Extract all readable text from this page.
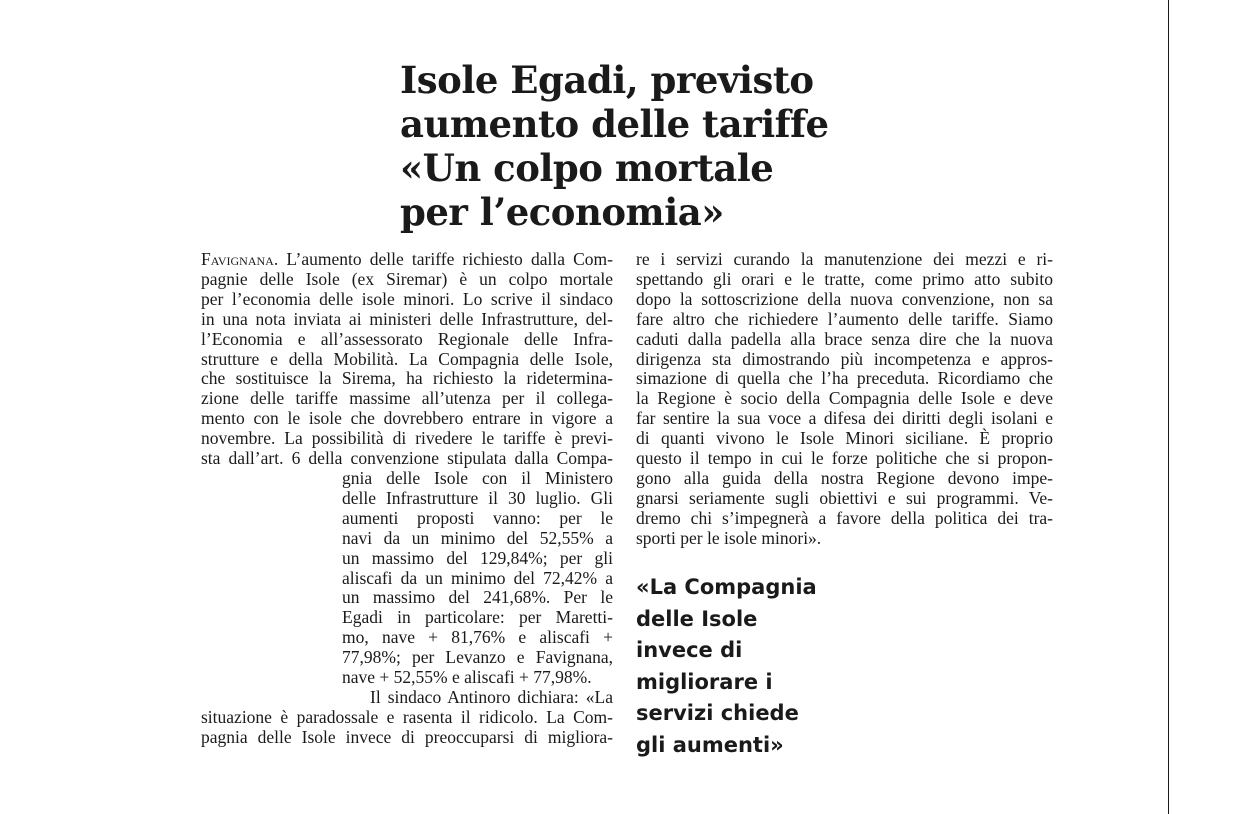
Isole Egadi, previsto
aumento delle tariffe
«Un colpo mortale
per l’economia»
Favignana. L’aumento delle tariffe richiesto dalla Com-
pagnie delle Isole (ex Siremar) è un colpo mortale
per l’economia delle isole minori. Lo scrive il sindaco
in una nota inviata ai ministeri delle Infrastrutture, del-
l’Economia e all’assessorato Regionale delle Infra-
strutture e della Mobilità. La Compagnia delle Isole,
che sostituisce la Sirema, ha richiesto la ridetermina-
zione delle tariffe massime all’utenza per il collega-
mento con le isole che dovrebbero entrare in vigore a
novembre. La possibilità di rivedere le tariffe è previ-
sta dall’art. 6 della convenzione stipulata dalla Compa-
gnia delle Isole con il Ministero
delle Infrastrutture il 30 luglio. Gli
aumenti proposti vanno: per le
navi da un minimo del 52,55% a
un massimo del 129,84%; per gli
aliscafi da un minimo del 72,42% a
un massimo del 241,68%. Per le
Egadi in particolare: per Maretti-
mo, nave + 81,76% e aliscafi +
77,98%; per Levanzo e Favignana,
nave + 52,55% e aliscafi + 77,98%.
Il sindaco Antinoro dichiara: «La
situazione è paradossale e rasenta il ridicolo. La Com-
pagnia delle Isole invece di preoccuparsi di migliora-
re i servizi curando la manutenzione dei mezzi e ri-
spettando gli orari e le tratte, come primo atto subito
dopo la sottoscrizione della nuova convenzione, non sa
fare altro che richiedere l’aumento delle tariffe. Siamo
caduti dalla padella alla brace senza dire che la nuova
dirigenza sta dimostrando più incompetenza e appros-
simazione di quella che l’ha preceduta. Ricordiamo che
la Regione è socio della Compagnia delle Isole e deve
far sentire la sua voce a difesa dei diritti degli isolani e
di quanti vivono le Isole Minori siciliane. È proprio
questo il tempo in cui le forze politiche che si propon-
gono alla guida della nostra Regione devono impe-
gnarsi seriamente sugli obiettivi e sui programmi. Ve-
dremo chi s’impegnerà a favore della politica dei tra-
sporti per le isole minori».
«La Compagnia
delle Isole
invece di
migliorare i
servizi chiede
gli aumenti»
